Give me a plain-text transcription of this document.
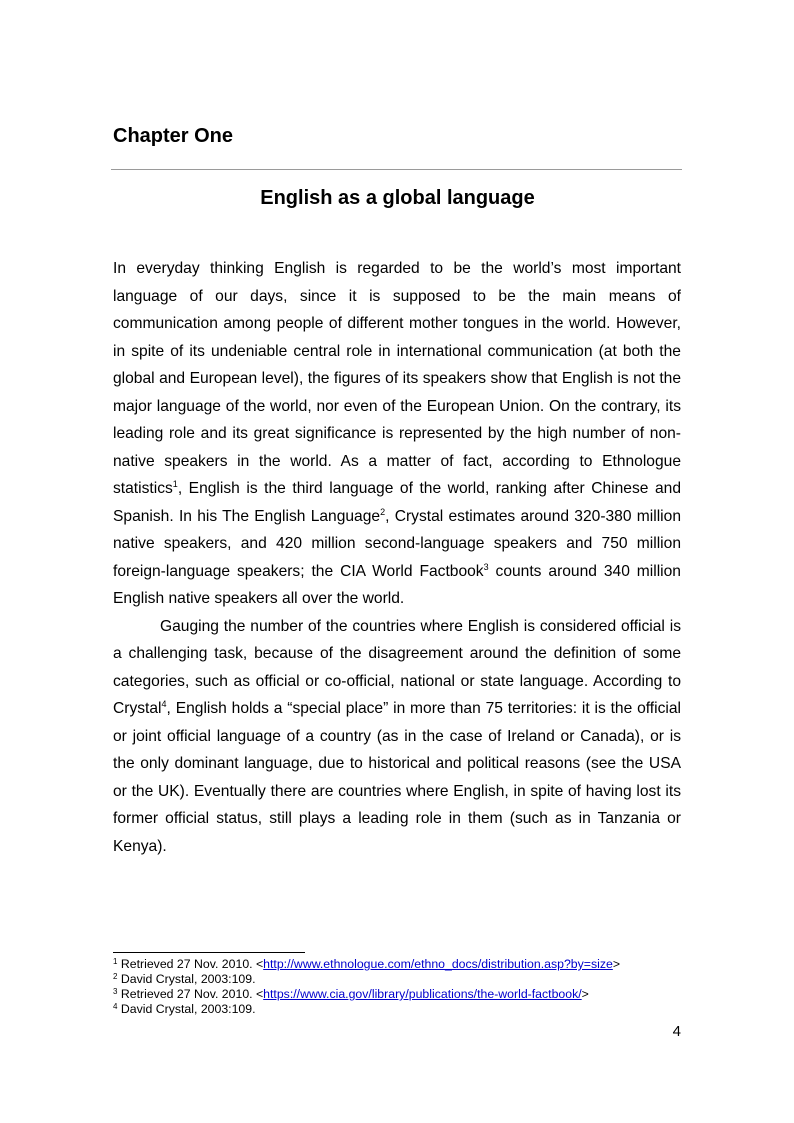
Chapter One
English as a global language

In everyday thinking English is regarded to be the world’s most important language of our days, since it is supposed to be the main means of communication among people of different mother tongues in the world. However, in spite of its undeniable central role in international communication (at both the global and European level), the figures of its speakers show that English is not the major language of the world, nor even of the European Union. On the contrary, its leading role and its great significance is represented by the high number of non-native speakers in the world. As a matter of fact, according to Ethnologue statistics$^1$, English is the third language of the world, ranking after Chinese and Spanish. In his The English Language$^2$, Crystal estimates around 320-380 million native speakers, and 420 million second-language speakers and 750 million foreign-language speakers; the CIA World Factbook$^3$ counts around 340 million English native speakers all over the world.

Gauging the number of the countries where English is considered official is a challenging task, because of the disagreement around the definition of some categories, such as official or co-official, national or state language. According to Crystal$^4$, English holds a “special place” in more than 75 territories: it is the official or joint official language of a country (as in the case of Ireland or Canada), or is the only dominant language, due to historical and political reasons (see the USA or the UK). Eventually there are countries where English, in spite of having lost its former official status, still plays a leading role in them (such as in Tanzania or Kenya).

$^1$ Retrieved 27 Nov. 2010. <http://www.ethnologue.com/ethno_docs/distribution.asp?by=size>
$^2$ David Crystal, 2003:109.
$^3$ Retrieved 27 Nov. 2010. <https://www.cia.gov/library/publications/the-world-factbook/>
$^4$ David Crystal, 2003:109.
4
